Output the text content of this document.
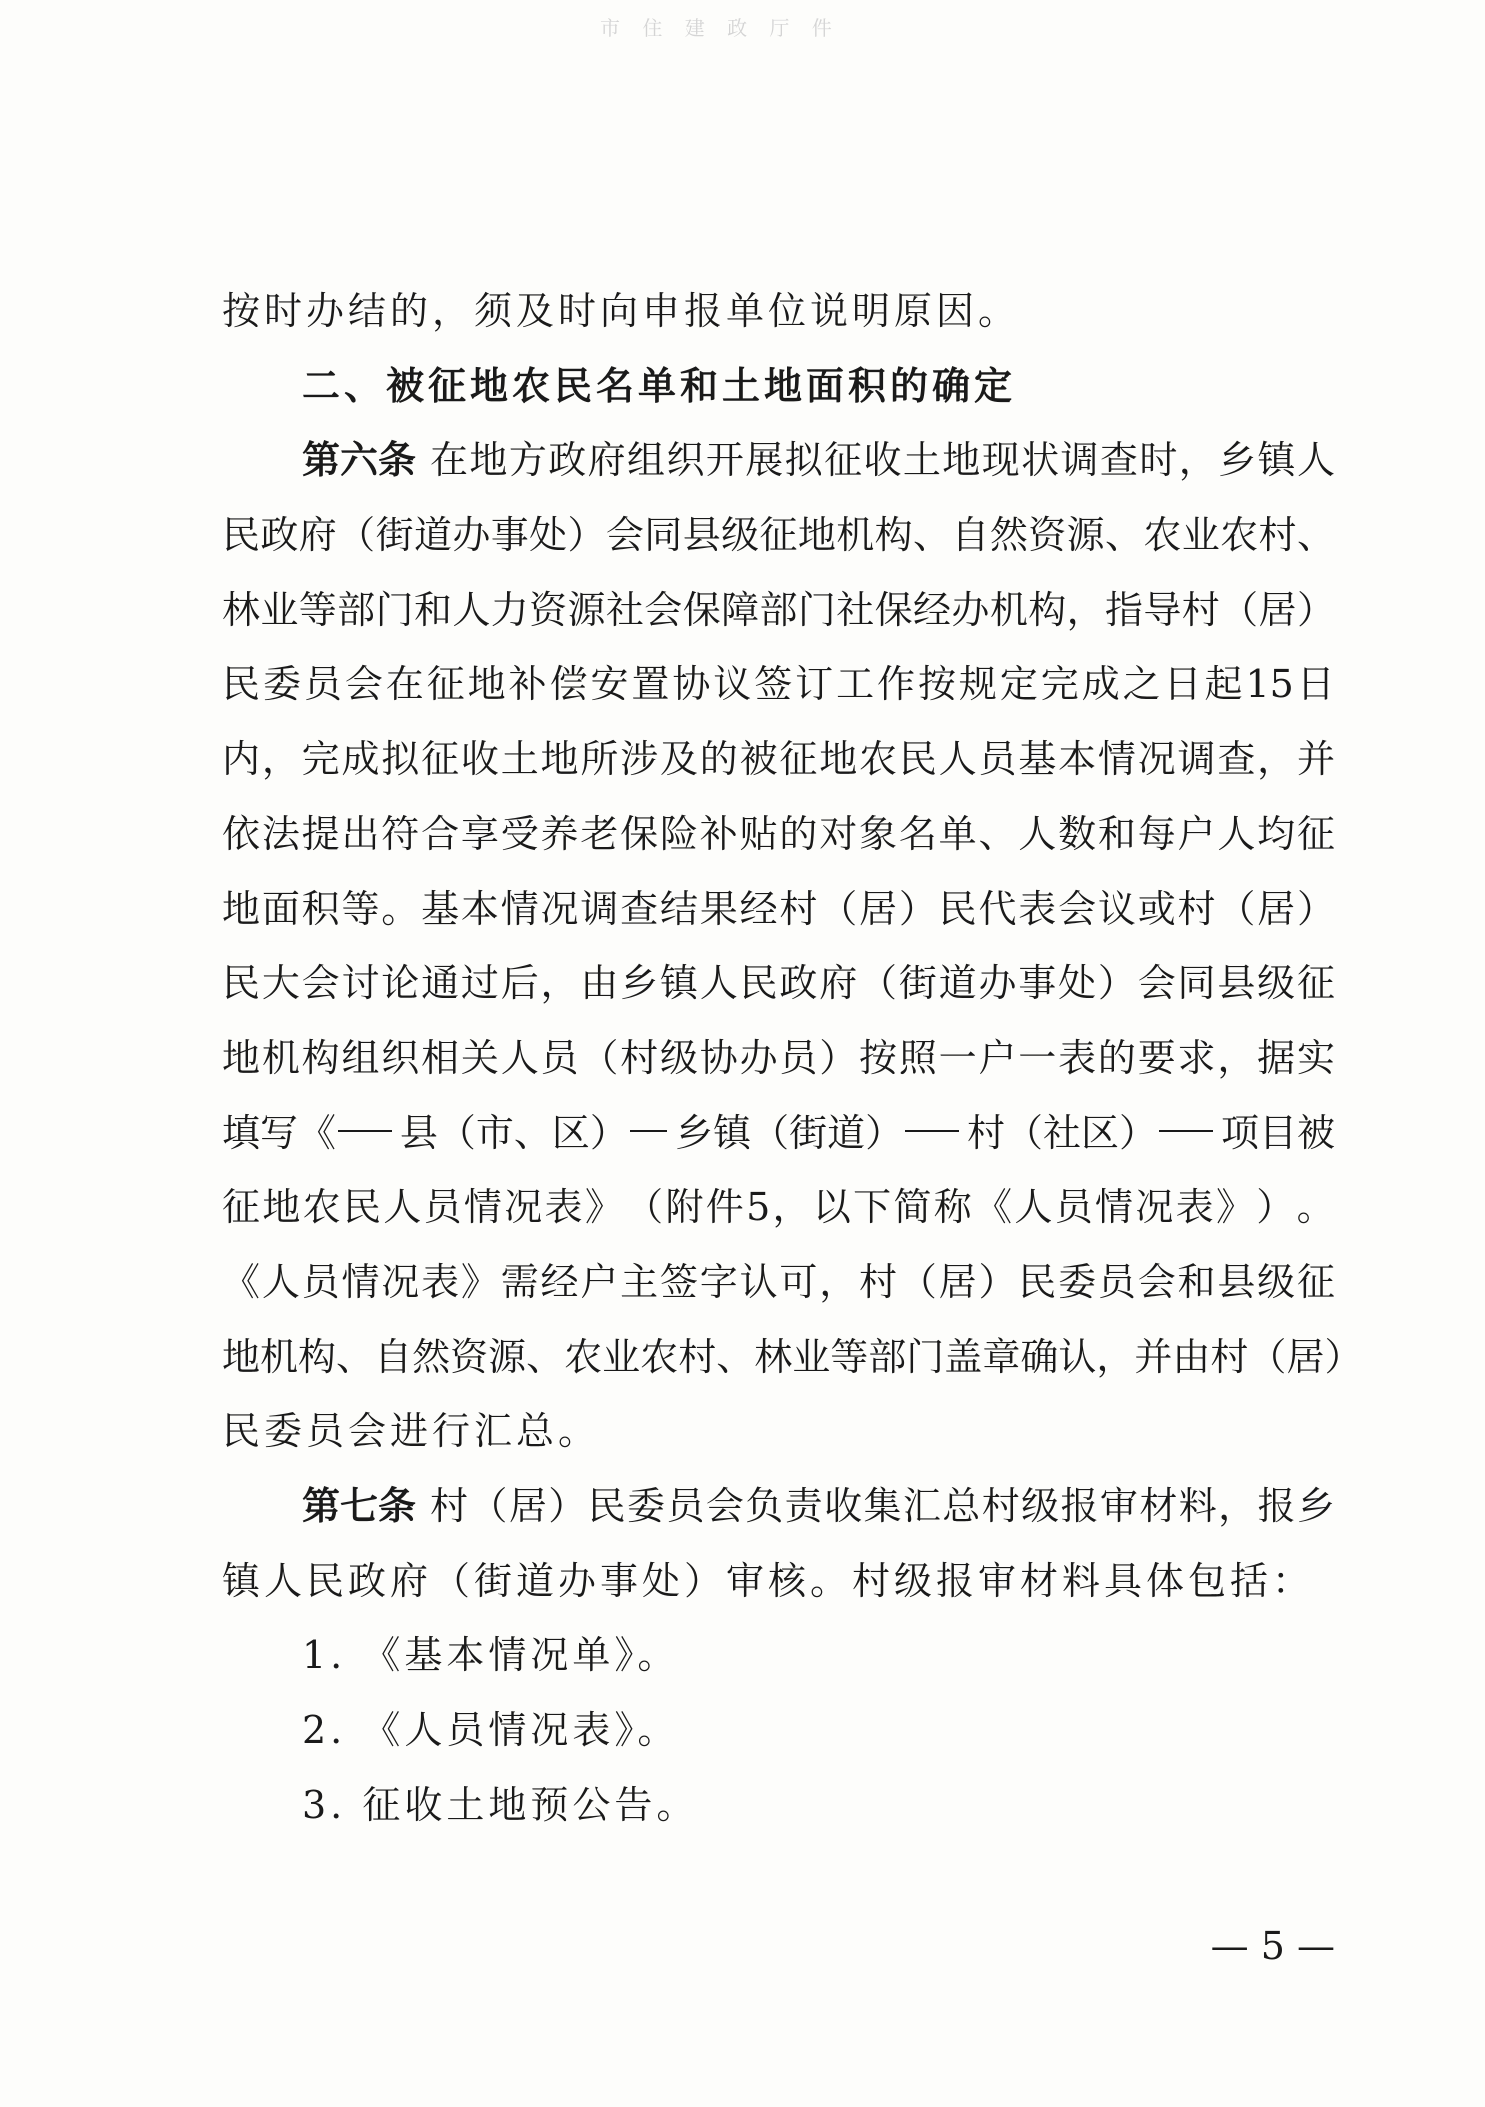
市 住 建 政 厅 件
按时办结的，须及时向申报单位说明原因。
二、被征地农民名单和土地面积的确定
第六条 在 地 方 政 府 组 织 开 展 拟 征 收 土 地 现 状 调 查 时 ， 乡 镇 人
民 政 府 （ 街 道 办 事 处 ） 会 同 县 级 征 地 机 构 、 自 然 资 源 、 农 业 农 村 、
林 业 等 部 门 和 人 力 资 源 社 会 保 障 部 门 社 保 经 办 机 构 ， 指 导 村 （ 居 ）
民 委 员 会 在 征 地 补 偿 安 置 协 议 签 订 工 作 按 规 定 完 成 之 日 起 15 日
内 ， 完 成 拟 征 收 土 地 所 涉 及 的 被 征 地 农 民 人 员 基 本 情 况 调 查 ， 并
依 法 提 出 符 合 享 受 养 老 保 险 补 贴 的 对 象 名 单 、 人 数 和 每 户 人 均 征
地 面 积 等 。 基 本 情 况 调 查 结 果 经 村 （ 居 ） 民 代 表 会 议 或 村 （ 居 ）
民 大 会 讨 论 通 过 后 ， 由 乡 镇 人 民 政 府 （ 街 道 办 事 处 ） 会 同 县 级 征
地 机 构 组 织 相 关 人 员 （ 村 级 协 办 员 ） 按 照 一 户 一 表 的 要 求 ， 据 实
填写《 县（市、区） 乡镇（街道） 村（社区） 项目被
征 地 农 民 人 员 情 况 表 》 （ 附 件 5 ， 以 下 简 称 《 人 员 情 况 表 》 ） 。
《 人 员 情 况 表 》 需 经 户 主 签 字 认 可 ， 村 （ 居 ） 民 委 员 会 和 县 级 征
地 机 构 、 自 然 资 源 、 农 业 农 村 、 林 业 等 部 门 盖 章 确 认 ， 并 由 村 （ 居 ）
民委员会进行汇总。
第七条 村 （ 居 ） 民 委 员 会 负 责 收 集 汇 总 村 级 报 审 材 料 ， 报 乡
镇人民政府（街道办事处）审核。村级报审材料具体包括：
1. 《基本情况单》。
2. 《人员情况表》。
3. 征收土地预公告。
— 5 —
